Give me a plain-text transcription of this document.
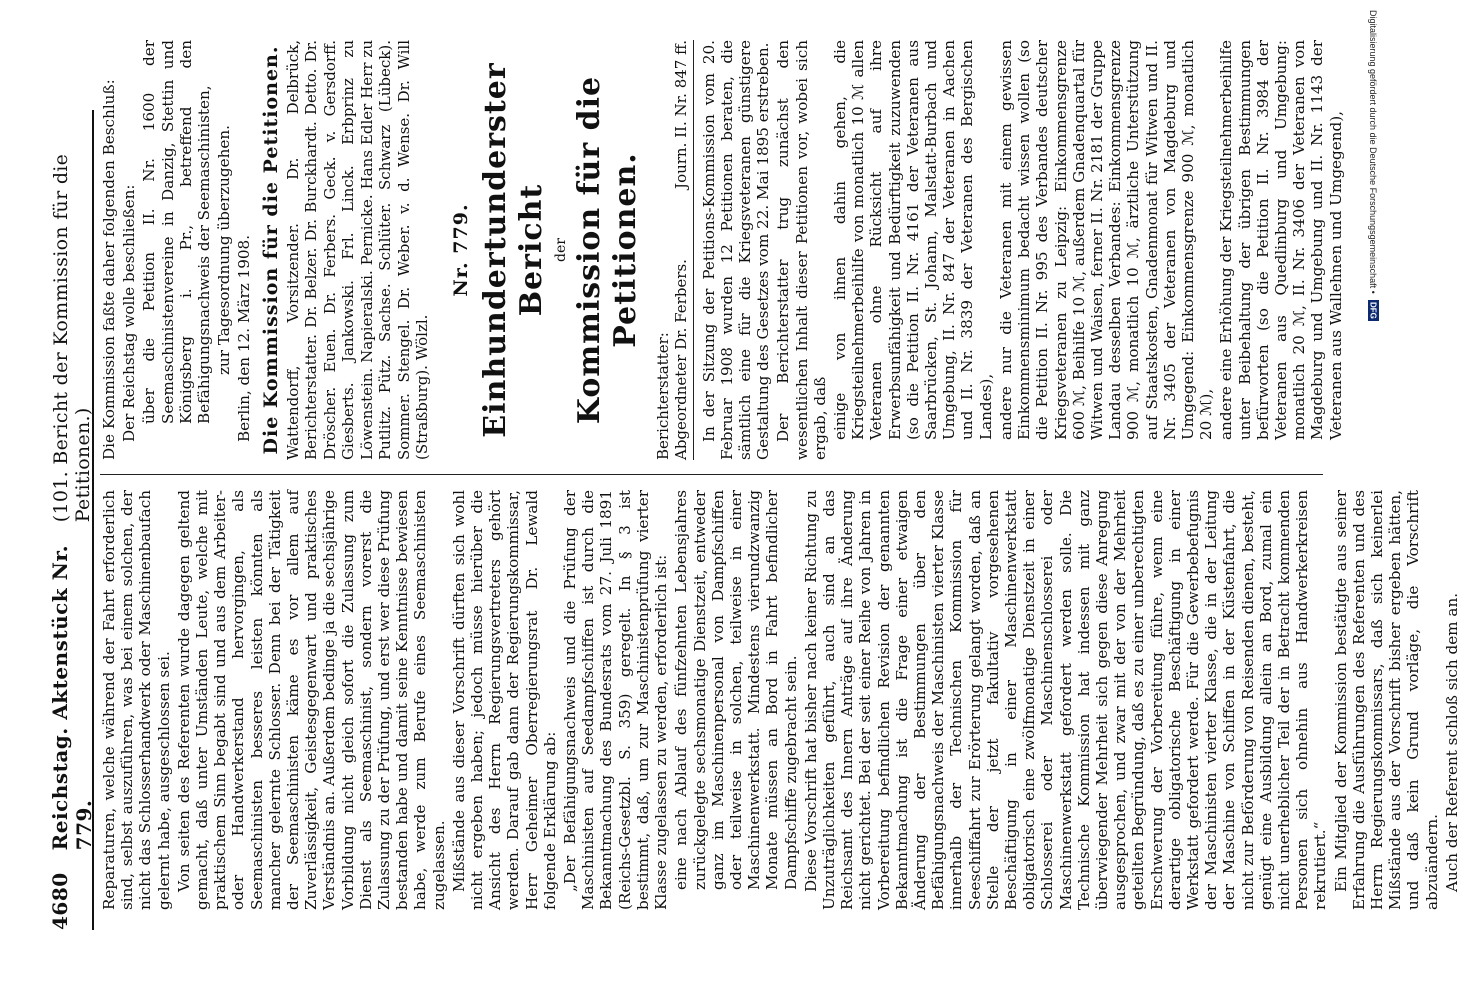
4680
Reichstag. Aktenstück Nr. 779.
(101. Bericht der Kommission für die Petitionen.)

Reparaturen, welche während der Fahrt erforderlich sind, selbst auszuführen, was bei einem solchen, der nicht das Schlosserhandwerk oder Maschinenbaufach gelernt habe, ausgeschlossen sei. Von seiten des Referenten wurde dagegen geltend gemacht, daß unter Umständen Leute, welche mit praktischem Sinn begabt sind und aus dem Arbeiter- oder Handwerkerstand hervorgingen, als Seemaschinisten besseres leisten könnten als mancher gelernte Schlosser. Denn bei der Tätigkeit der Seemaschinisten käme es vor allem auf Zuverlässigkeit, Geistesgegenwart und praktisches Verständnis an. Außerdem bedinge ja die sechsjährige Vorbildung nicht gleich sofort die Zulassung zum Dienst als Seemaschinist, sondern vorerst die Zulassung zu der Prüfung, und erst wer diese Prüfung bestanden habe und damit seine Kenntnisse bewiesen habe, werde zum Berufe eines Seemaschinisten zugelassen. Mißstände aus dieser Vorschrift dürften sich wohl nicht ergeben haben; jedoch müsse hierüber die Ansicht des Herrn Regierungsvertreters gehört werden. Darauf gab dann der Regierungskommissar, Herr Geheimer Oberregierungsrat Dr. Lewald folgende Erklärung ab: „Der Befähigungsnachweis und die Prüfung der Maschinisten auf Seedampfschiffen ist durch die Bekanntmachung des Bundesrats vom 27. Juli 1891 (Reichs-Gesetzbl. S. 359) geregelt. In § 3 ist bestimmt, daß, um zur Maschinistenprüfung vierter Klasse zugelassen zu werden, erforderlich ist: eine nach Ablauf des fünfzehnten Lebensjahres zurückgelegte sechsmonatige Dienstzeit, entweder ganz im Maschinenpersonal von Dampfschiffen oder teilweise in solchen, teilweise in einer Maschinenwerkstatt. Mindestens vierundzwanzig Monate müssen an Bord in Fahrt befindlicher Dampfschiffe zugebracht sein. Diese Vorschrift hat bisher nach keiner Richtung zu Unzuträglichkeiten geführt, auch sind an das Reichsamt des Innern Anträge auf ihre Änderung nicht gerichtet. Bei der seit einer Reihe von Jahren in Vorbereitung befindlichen Revision der genannten Bekanntmachung ist die Frage einer etwaigen Änderung der Bestimmungen über den Befähigungsnachweis der Maschinisten vierter Klasse innerhalb der Technischen Kommission für Seeschiffahrt zur Erörterung gelangt worden, daß an Stelle der jetzt fakultativ vorgesehenen Beschäftigung in einer Maschinenwerkstatt obligatorisch eine zwölfmonatige Dienstzeit in einer Schlosserei oder Maschinenschlosserei oder Maschinenwerkstatt gefordert werden solle. Die Technische Kommission hat indessen mit ganz überwiegender Mehrheit sich gegen diese Anregung ausgesprochen, und zwar mit der von der Mehrheit geteilten Begründung, daß es zu einer unberechtigten Erschwerung der Vorbereitung führe, wenn eine derartige obligatorische Beschäftigung in einer Werkstatt gefordert werde. Für die Gewerbebefugnis der Maschinisten vierter Klasse, die in der Leitung der Maschine von Schiffen in der Küstenfahrt, die nicht zur Beförderung von Reisenden dienen, besteht, genügt eine Ausbildung allein an Bord, zumal ein nicht unerheblicher Teil der in Betracht kommenden Personen sich ohnehin aus Handwerkerkreisen rekrutiert.“ Ein Mitglied der Kommission bestätigte aus seiner Erfahrung die Ausführungen des Referenten und des Herrn Regierungskommissars, daß sich keinerlei Mißstände aus der Vorschrift bisher ergeben hätten, und daß kein Grund vorläge, die Vorschrift abzuändern. Auch der Referent schloß sich dem an.

Die Kommission faßte daher folgenden Beschluß: Der Reichstag wolle beschließen: über die Petition II. Nr. 1600 der Seemaschinistenvereine in Danzig, Stettin und Königsberg i. Pr., betreffend den Befähigungsnachweis der Seemaschinisten, zur Tagesordnung überzugehen. Berlin, den 12. März 1908. Die Kommission für die Petitionen. Wattendorff, Vorsitzender. Dr. Delbrück, Berichterstatter. Dr. Belzer. Dr. Burckhardt. Detto. Dr. Dröscher. Euen. Dr. Ferbers. Geck. v. Gersdorff. Giesberts. Jankowski. Frl. Linck. Erbprinz zu Löwenstein. Napieralski. Pernicke. Hans Edler Herr zu Putlitz. Pütz. Sachse. Schlüter. Schwarz (Lübeck). Sommer. Stengel. Dr. Weber. v. d. Wense. Dr. Will (Straßburg). Wölzl.

Nr. 779. Einhundertunderster Bericht der Kommission für die Petitionen.
Berichterstatter: Abgeordneter Dr. Ferbers.
Journ. II. Nr. 847 ff. In der Sitzung der Petitions-Kommission vom 20. Februar 1908 wurden 12 Petitionen beraten, die sämtlich eine für die Kriegsveteranen günstigere Gestaltung des Gesetzes vom 22. Mai 1895 erstreben. Der Berichterstatter trug zunächst den wesentlichen Inhalt dieser Petitionen vor, wobei sich ergab, daß einige von ihnen dahin gehen, die Kriegsteilnehmerbeihilfe von monatlich 10 ℳ allen Veteranen ohne Rücksicht auf ihre Erwerbsunfähigkeit und Bedürftigkeit zuzuwenden (so die Petition II. Nr. 4161 der Veteranen aus Saarbrücken, St. Johann, Malstatt-Burbach und Umgebung, II. Nr. 847 der Veteranen in Aachen und II. Nr. 3839 der Veteranen des Bergischen Landes), andere nur die Veteranen mit einem gewissen Einkommensminimum bedacht wissen wollen (so die Petition II. Nr. 995 des Verbandes deutscher Kriegsveteranen zu Leipzig: Einkommensgrenze 600 ℳ, Beihilfe 10 ℳ, außerdem Gnadenquartal für Witwen und Waisen, ferner II. Nr. 2181 der Gruppe Landau desselben Verbandes: Einkommensgrenze 900 ℳ, monatlich 10 ℳ, ärztliche Unterstützung auf Staatskosten, Gnadenmonat für Witwen und II. Nr. 3405 der Veteranen von Magdeburg und Umgegend: Einkommensgrenze 900 ℳ, monatlich 20 ℳ), andere eine Erhöhung der Kriegsteilnehmerbeihilfe unter Beibehaltung der übrigen Bestimmungen befürworten (so die Petition II. Nr. 3984 der Veteranen aus Quedlinburg und Umgebung: monatlich 20 ℳ, II. Nr. 3406 der Veteranen von Magdeburg und Umgebung und II. Nr. 1143 der Veteranen aus Wallehnen und Umgegend),	Digitalisierung gefördert durch die Deutsche Forschungsgemeinschaft •
DFG
